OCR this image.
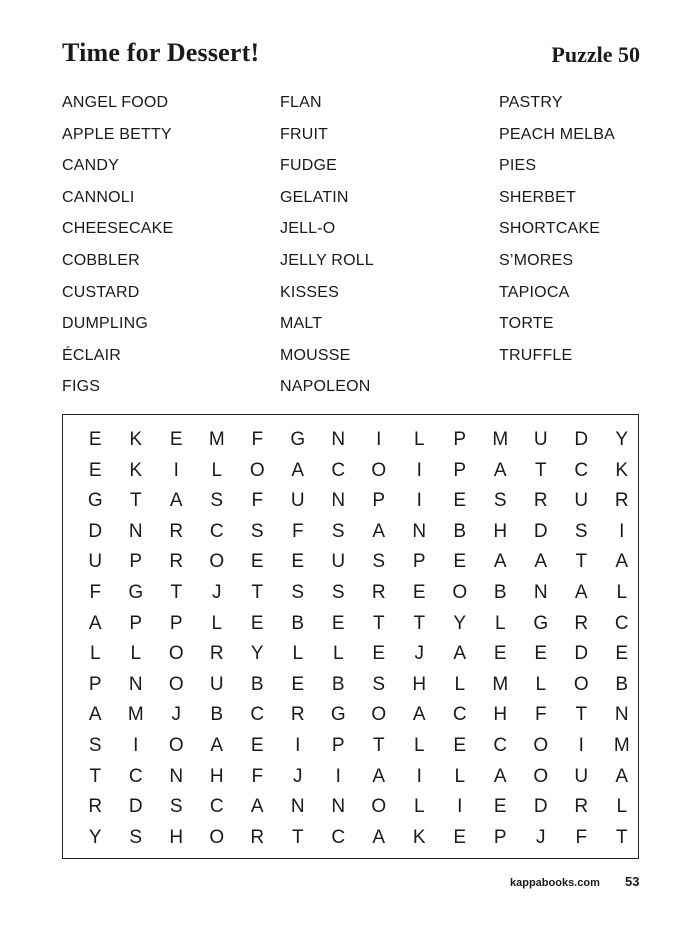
Time for Dessert!	Puzzle 50
ANGEL FOOD
APPLE BETTY
CANDY
CANNOLI
CHEESECAKE
COBBLER
CUSTARD
DUMPLING
ÉCLAIR
FIGS
FLAN
FRUIT
FUDGE
GELATIN
JELL-O
JELLY ROLL
KISSES
MALT
MOUSSE
NAPOLEON
PASTRY
PEACH MELBA
PIES
SHERBET
SHORTCAKE
S’MORES
TAPIOCA
TORTE
TRUFFLE
E	K	E	M	F	G	N	I	L	P	M	U	D	Y
E	K	I	L	O	A	C	O	I	P	A	T	C	K
G	T	A	S	F	U	N	P	I	E	S	R	U	R
D	N	R	C	S	F	S	A	N	B	H	D	S	I
U	P	R	O	E	E	U	S	P	E	A	A	T	A
F	G	T	J	T	S	S	R	E	O	B	N	A	L
A	P	P	L	E	B	E	T	T	Y	L	G	R	C
L	L	O	R	Y	L	L	E	J	A	E	E	D	E
P	N	O	U	B	E	B	S	H	L	M	L	O	B
A	M	J	B	C	R	G	O	A	C	H	F	T	N
S	I	O	A	E	I	P	T	L	E	C	O	I	M
T	C	N	H	F	J	I	A	I	L	A	O	U	A
R	D	S	C	A	N	N	O	L	I	E	D	R	L
Y	S	H	O	R	T	C	A	K	E	P	J	F	T
kappabooks.com 53
